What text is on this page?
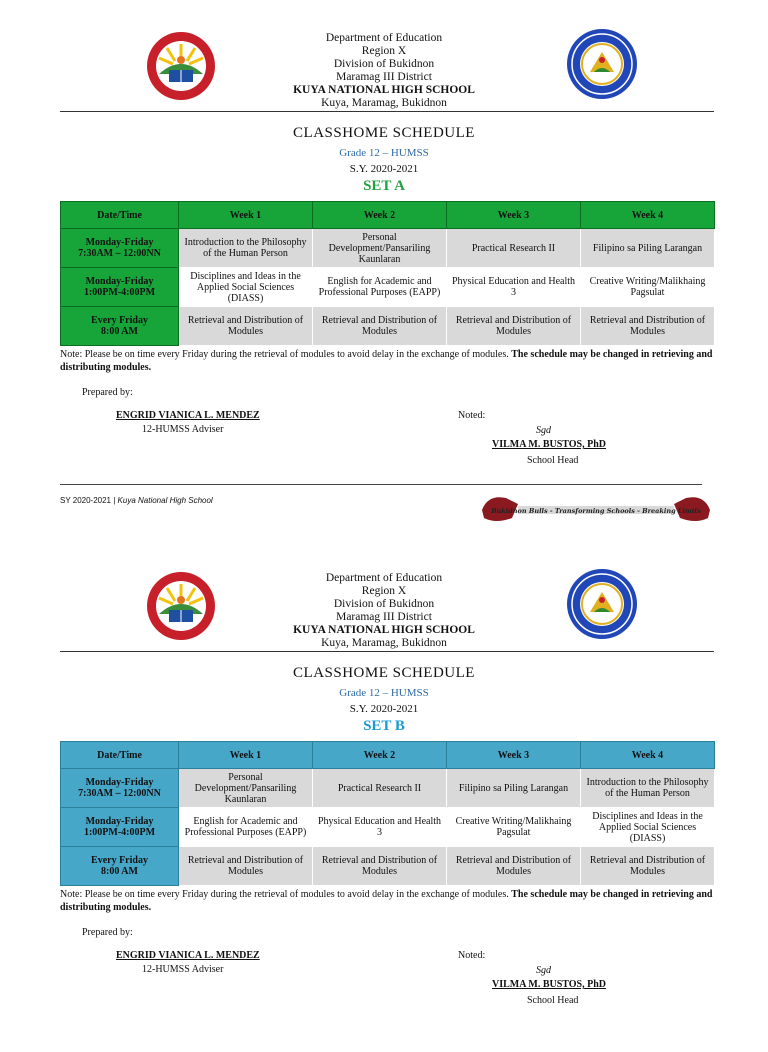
Department of Education
Region X
Division of Bukidnon
Maramag III District
KUYA NATIONAL HIGH SCHOOL
Kuya, Maramag, Bukidnon
CLASSHOME SCHEDULE
Grade 12 – HUMSS
S.Y. 2020-2021
SET A
Date/Time	Week 1	Week 2	Week 3	Week 4
Monday-Friday
7:30AM – 12:00NN	Introduction to the Philosophy of the Human Person	Personal Development/Pansariling Kaunlaran	Practical Research II	Filipino sa Piling Larangan
Monday-Friday
1:00PM-4:00PM	Disciplines and Ideas in the Applied Social Sciences (DIASS)	English for Academic and Professional Purposes (EAPP)	Physical Education and Health 3	Creative Writing/Malikhaing Pagsulat
Every Friday
8:00 AM	Retrieval and Distribution of Modules	Retrieval and Distribution of Modules	Retrieval and Distribution of Modules	Retrieval and Distribution of Modules
Note: Please be on time every Friday during the retrieval of modules to avoid delay in the exchange of modules. The schedule may be changed in retrieving and distributing modules.
Prepared by:
ENGRID VIANICA L. MENDEZ
12-HUMSS Adviser
Noted:
Sgd
VILMA M. BUSTOS, PhD
School Head
SY 2020-2021 | Kuya National High School
Bukidnon Bulls - Transforming Schools - Breaking Limits
Department of Education
Region X
Division of Bukidnon
Maramag III District
KUYA NATIONAL HIGH SCHOOL
Kuya, Maramag, Bukidnon
CLASSHOME SCHEDULE
Grade 12 – HUMSS
S.Y. 2020-2021
SET B
Date/Time	Week 1	Week 2	Week 3	Week 4
Monday-Friday
7:30AM – 12:00NN	Personal Development/Pansariling Kaunlaran	Practical Research II	Filipino sa Piling Larangan	Introduction to the Philosophy of the Human Person
Monday-Friday
1:00PM-4:00PM	English for Academic and Professional Purposes (EAPP)	Physical Education and Health 3	Creative Writing/Malikhaing Pagsulat	Disciplines and Ideas in the Applied Social Sciences (DIASS)
Every Friday
8:00 AM	Retrieval and Distribution of Modules	Retrieval and Distribution of Modules	Retrieval and Distribution of Modules	Retrieval and Distribution of Modules
Note: Please be on time every Friday during the retrieval of modules to avoid delay in the exchange of modules. The schedule may be changed in retrieving and distributing modules.
Prepared by:
ENGRID VIANICA L. MENDEZ
12-HUMSS Adviser
Noted:
Sgd
VILMA M. BUSTOS, PhD
School Head
